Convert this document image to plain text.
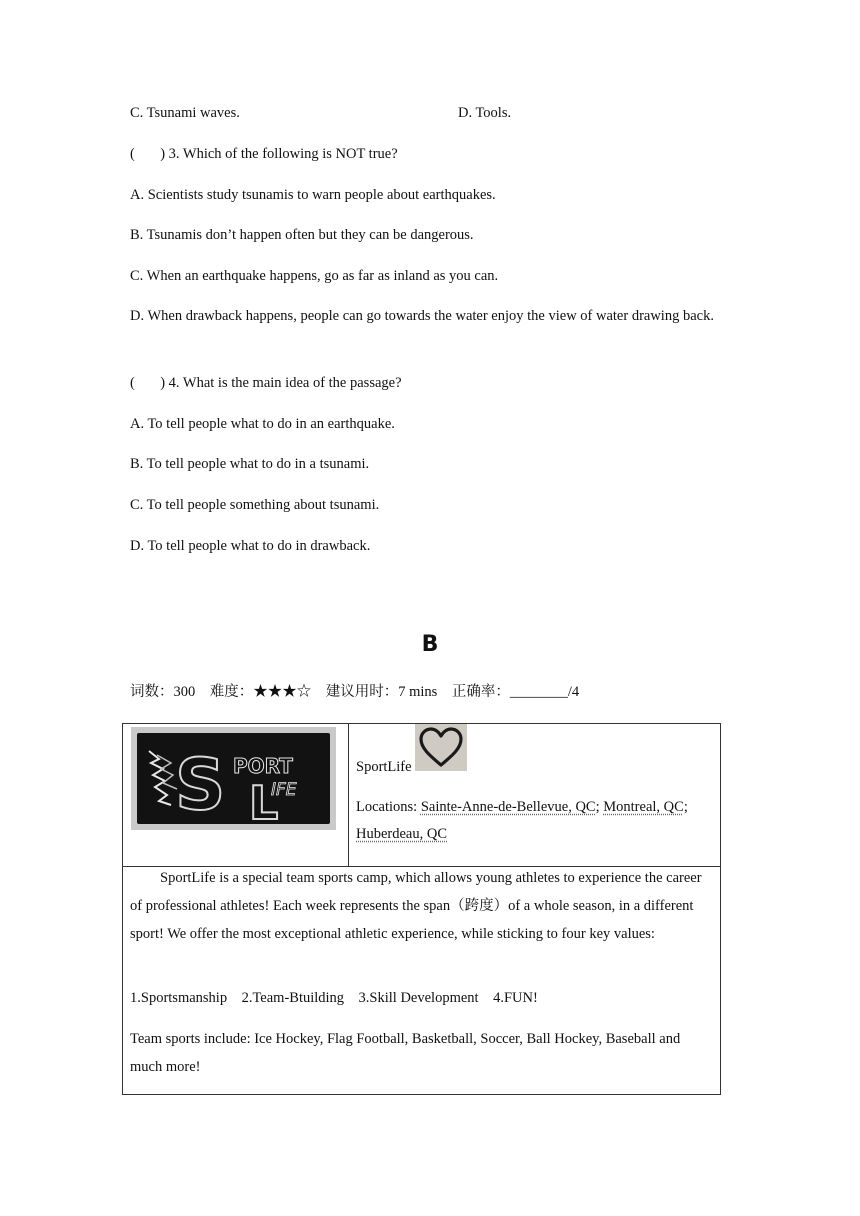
C. Tsunami waves.	D. Tools.
(       ) 3. Which of the following is NOT true?
A. Scientists study tsunamis to warn people about earthquakes.
B. Tsunamis don’t happen often but they can be dangerous.
C. When an earthquake happens, go as far as inland as you can.
D. When drawback happens, people can go towards the water enjoy the view of water drawing back.
(       ) 4. What is the main idea of the passage?
A. To tell people what to do in an earthquake.
B. To tell people what to do in a tsunami.
C. To tell people something about tsunami.
D. To tell people what to do in drawback.
B
词数：300    难度：★★★☆    建议用时：7 mins    正确率：________/4
S PORT
L
IFE
SportLife
Locations: Sainte-Anne-de-Bellevue, QC; Montreal, QC;
Huberdeau, QC
SportLife is a special team sports camp, which allows young athletes to experience the career of professional athletes! Each week represents the span（跨度）of a whole season, in a different sport! We offer the most exceptional athletic experience, while sticking to four key values:
1.Sportsmanship    2.Team-Btuilding    3.Skill Development    4.FUN!
Team sports include: Ice Hockey, Flag Football, Basketball, Soccer, Ball Hockey, Baseball and much more!
